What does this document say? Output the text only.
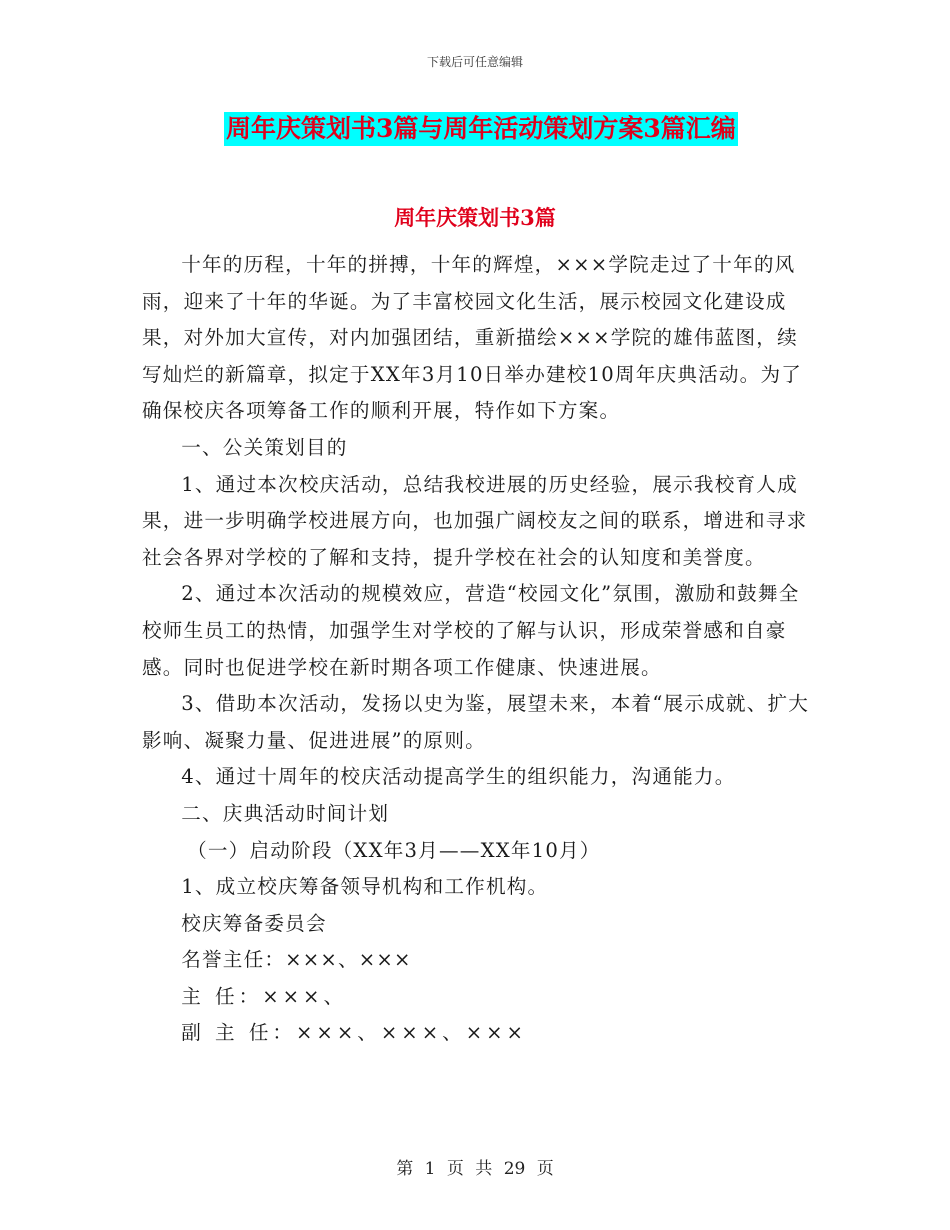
下载后可任意编辑
周年庆策划书3篇与周年活动策划方案3篇汇编
周年庆策划书3篇

十年的历程，十年的拼搏，十年的辉煌，×××学院走过了十年的风雨，迎来了十年的华诞。为了丰富校园文化生活，展示校园文化建设成果，对外加大宣传，对内加强团结，重新描绘×××学院的雄伟蓝图，续写灿烂的新篇章，拟定于XX年3月10日举办建校10周年庆典活动。为了确保校庆各项筹备工作的顺利开展，特作如下方案。

一、公关策划目的

1、通过本次校庆活动，总结我校进展的历史经验，展示我校育人成果，进一步明确学校进展方向，也加强广阔校友之间的联系，增进和寻求社会各界对学校的了解和支持，提升学校在社会的认知度和美誉度。

2、通过本次活动的规模效应，营造“校园文化”氛围，激励和鼓舞全校师生员工的热情，加强学生对学校的了解与认识，形成荣誉感和自豪感。同时也促进学校在新时期各项工作健康、快速进展。

3、借助本次活动，发扬以史为鉴，展望未来，本着“展示成就、扩大影响、凝聚力量、促进进展”的原则。

4、通过十周年的校庆活动提高学生的组织能力，沟通能力。

二、庆典活动时间计划

（一）启动阶段（XX年3月——XX年10月）

1、成立校庆筹备领导机构和工作机构。

校庆筹备委员会

名誉主任：×××、×××

主 任：×××、

副 主 任：×××、×××、×××

第 1 页 共 29 页
